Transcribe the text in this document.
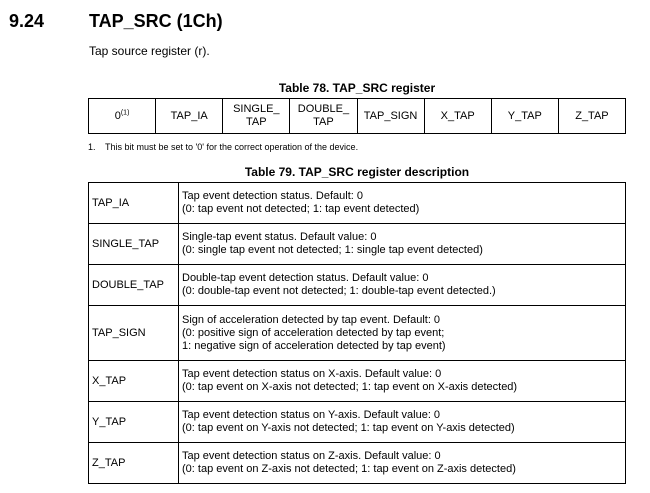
9.24 TAP_SRC (1Ch)
Tap source register (r).
Table 78. TAP_SRC register
0$^{(1)}$	TAP_IA	SINGLE_ TAP	DOUBLE_ TAP	TAP_SIGN	X_TAP	Y_TAP	Z_TAP
1. This bit must be set to '0' for the correct operation of the device.
Table 79. TAP_SRC register description
TAP_IA	Tap event detection status. Default: 0
(0: tap event not detected; 1: tap event detected)

SINGLE_TAP	Single-tap event status. Default value: 0
(0: single tap event not detected; 1: single tap event detected)

DOUBLE_TAP	Double-tap event detection status. Default value: 0
(0: double-tap event not detected; 1: double-tap event detected.)

TAP_SIGN	Sign of acceleration detected by tap event. Default: 0
(0: positive sign of acceleration detected by tap event;
1: negative sign of acceleration detected by tap event)

X_TAP	Tap event detection status on X-axis. Default value: 0
(0: tap event on X-axis not detected; 1: tap event on X-axis detected)

Y_TAP	Tap event detection status on Y-axis. Default value: 0
(0: tap event on Y-axis not detected; 1: tap event on Y-axis detected)

Z_TAP	Tap event detection status on Z-axis. Default value: 0
(0: tap event on Z-axis not detected; 1: tap event on Z-axis detected)
